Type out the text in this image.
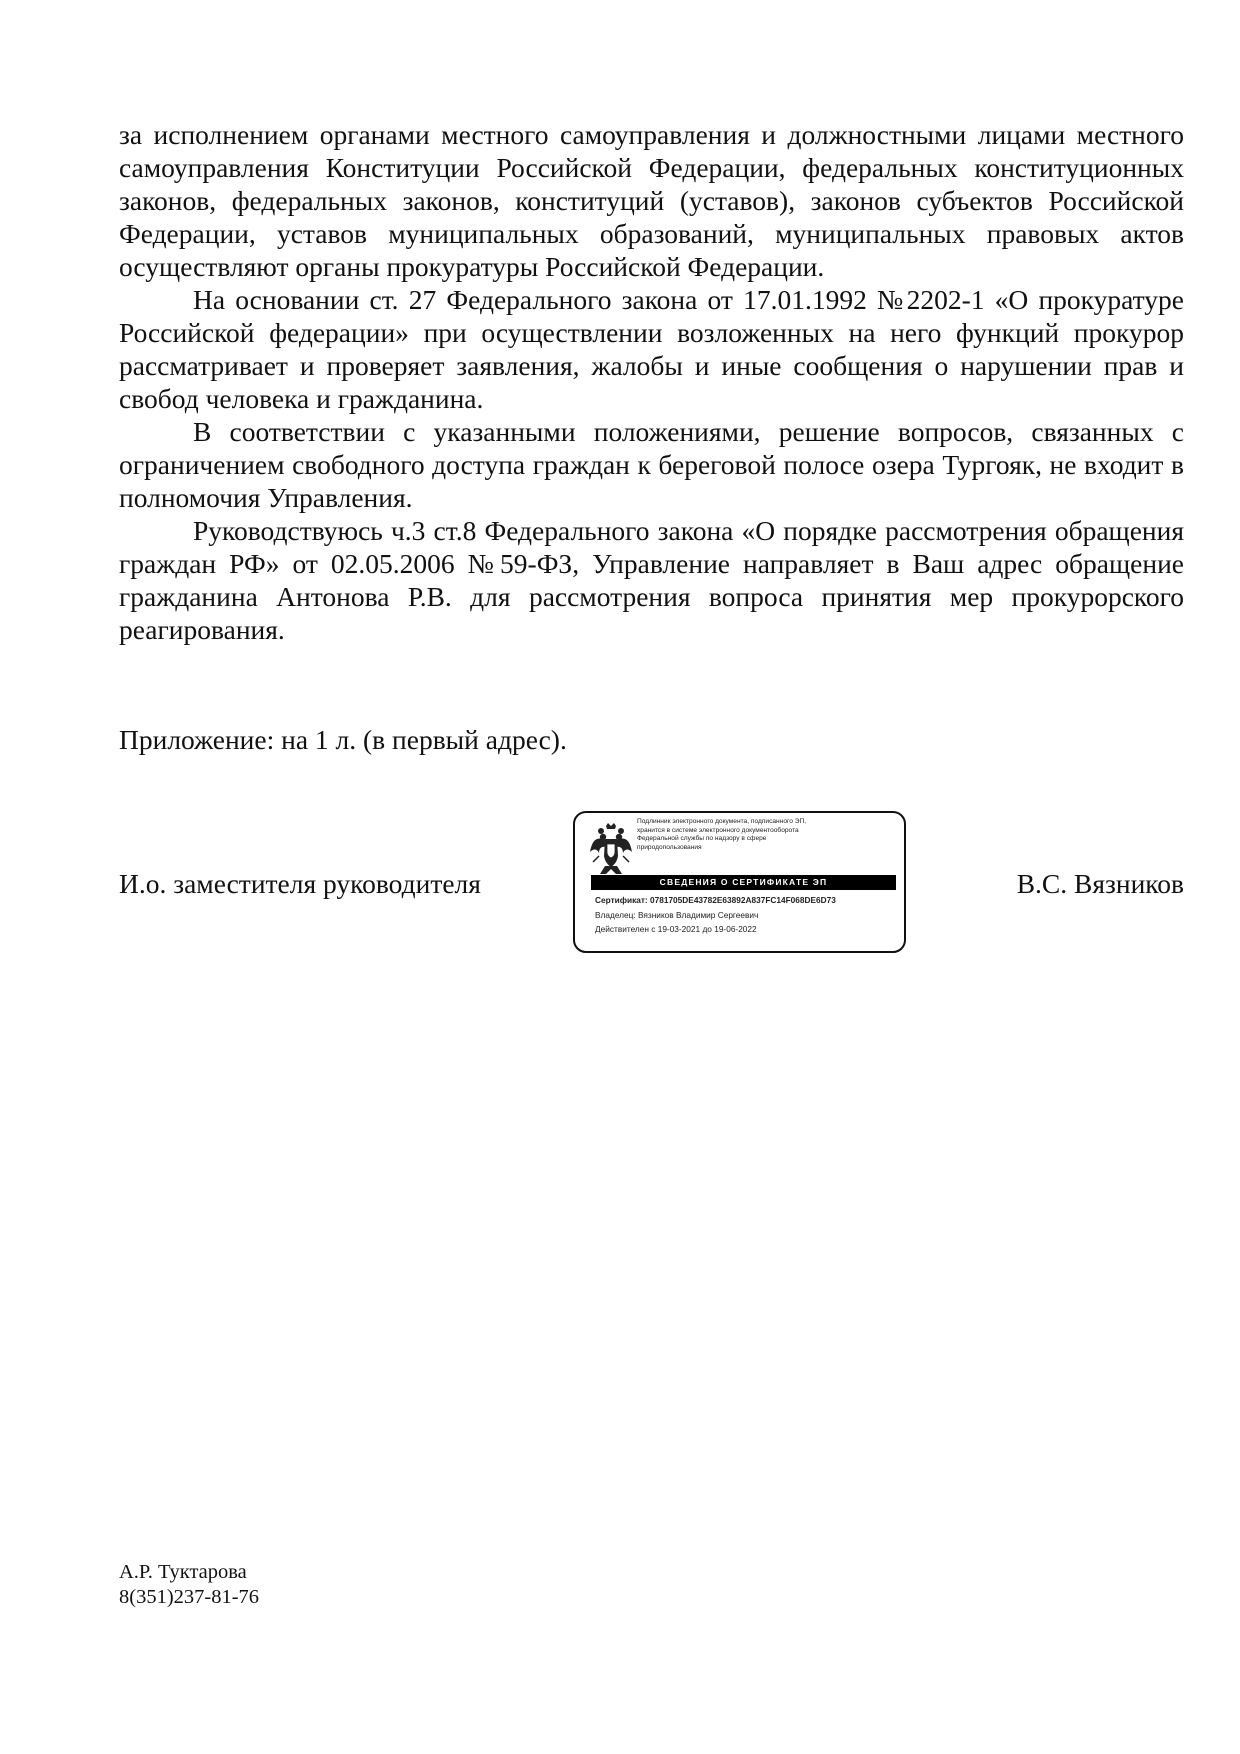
за исполнением органами местного самоуправления и должностными лицами местного самоуправления Конституции Российской Федерации, федеральных конституционных законов, федеральных законов, конституций (уставов), законов субъектов Российской Федерации, уставов муниципальных образований, муниципальных правовых актов осуществляют органы прокуратуры Российской Федерации.

На основании ст. 27 Федерального закона от 17.01.1992 №2202-1 «О прокуратуре Российской федерации» при осуществлении возложенных на него функций прокурор рассматривает и проверяет заявления, жалобы и иные сообщения о нарушении прав и свобод человека и гражданина.

В соответствии с указанными положениями, решение вопросов, связанных с ограничением свободного доступа граждан к береговой полосе озера Тургояк, не входит в полномочия Управления.

Руководствуюсь ч.3 ст.8 Федерального закона «О порядке рассмотрения обращения граждан РФ» от 02.05.2006 №59-ФЗ, Управление направляет в Ваш адрес обращение гражданина Антонова Р.В. для рассмотрения вопроса принятия мер прокурорского реагирования.

Приложение: на 1 л. (в первый адрес).
И.о. заместителя руководителя
Подлинник электронного документа, подписанного ЭП,
хранится в системе электронного документооборота
Федеральной службы по надзору в сфере
природопользования
СВЕДЕНИЯ О СЕРТИФИКАТЕ ЭП
Сертификат: 0781705DE43782E63892A837FC14F068DE6D73
Владелец: Вязников Владимир Сергеевич
Действителен с 19-03-2021 до 19-06-2022
В.С. Вязников
А.Р. Туктарова
8(351)237-81-76
